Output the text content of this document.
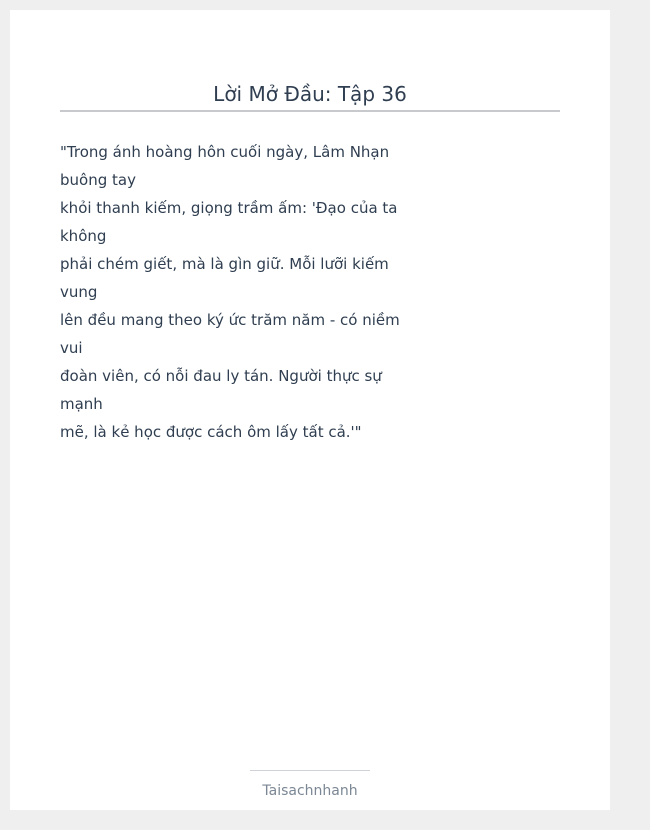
Lời Mở Đầu: Tập 36

"Trong ánh hoàng hôn cuối ngày, Lâm Nhạn
buông tay
khỏi thanh kiếm, giọng trầm ấm: 'Đạo của ta
không
phải chém giết, mà là gìn giữ. Mỗi lưỡi kiếm
vung
lên đều mang theo ký ức trăm năm - có niềm
vui
đoàn viên, có nỗi đau ly tán. Người thực sự
mạnh
mẽ, là kẻ học được cách ôm lấy tất cả.'"

Taisachnhanh
